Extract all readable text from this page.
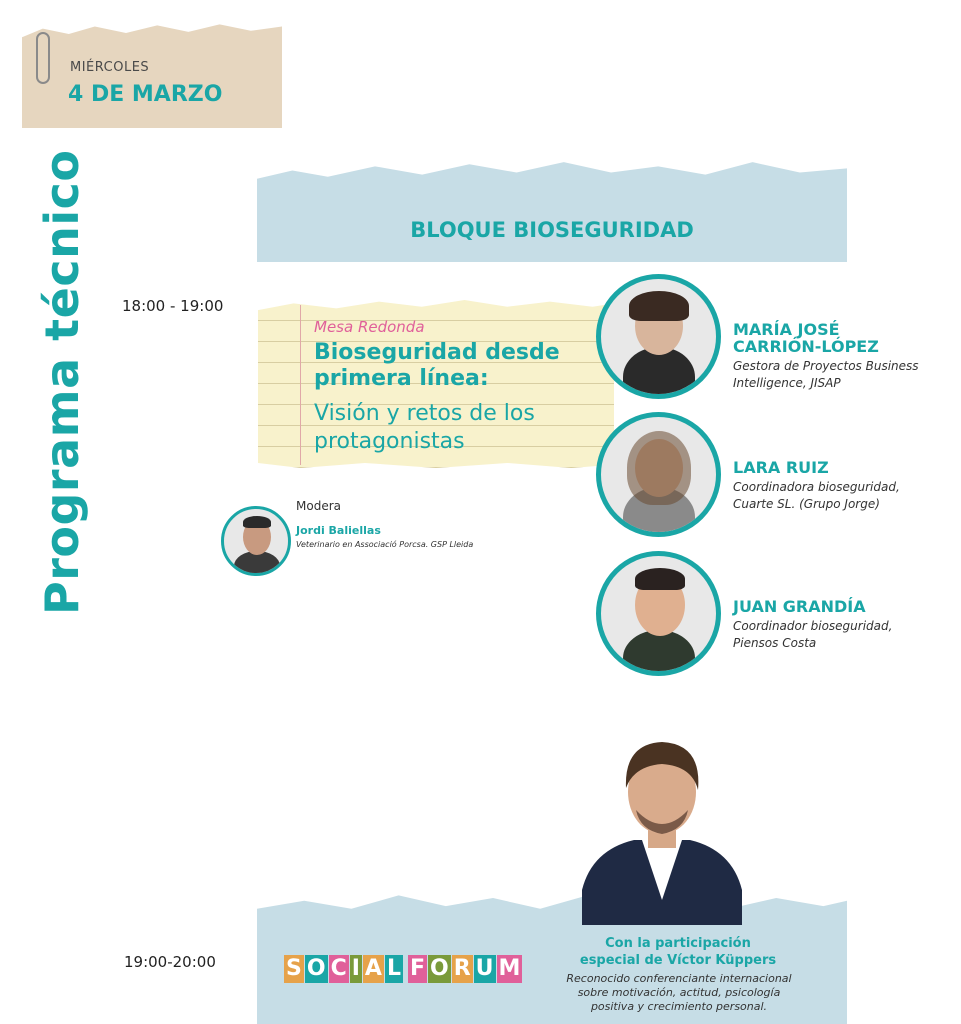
MIÉRCOLES
4 DE MARZO
Programa técnico	BLOQUE BIOSEGURIDAD
18:00 - 19:00
Mesa Redonda
Bioseguridad desde primera línea:
Visión y retos de los protagonistas
MARÍA JOSÉ
CARRIÓN-LÓPEZ
Gestora de Proyectos Business
Intelligence, JISAP
LARA RUIZ
Coordinadora bioseguridad,
Cuarte SL. (Grupo Jorge)
JUAN GRANDÍA
Coordinador bioseguridad,
Piensos Costa
Modera
Jordi Baliellas
Veterinario en Associació Porcsa. GSP Lleida
19:00-20:00	S O C I A L F O R U M
Con la participación
especial de Víctor Küppers
Reconocido conferenciante internacional
sobre motivación, actitud, psicología
positiva y crecimiento personal.
